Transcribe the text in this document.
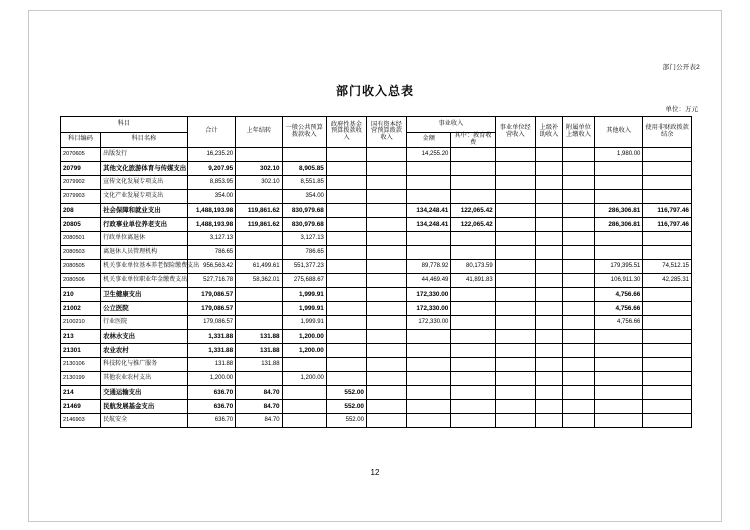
部门公开表2
部门收入总表
单位：万元
科目		合计	上年结转	一般公共预算拨款收入	政府性基金预算拨款收入	国有资本经营预算拨款收入	事业收入		事业单位经营收入	上级补助收入	附属单位上缴收入	其他收入	使用非财政拨款结余
科目编码	科目名称						金额	其中：教育收费					
2070605	出版发行	16,235.20					14,255.20					1,980.00	
20799	其他文化旅游体育与传媒支出	9,207.95	302.10	8,905.85									
2079902	宣传文化发展专项支出	8,853.95	302.10	8,551.85									
2079903	文化产业发展专项支出	354.00		354.00									
208	社会保障和就业支出	1,488,193.98	119,861.62	830,979.68			134,248.41	122,065.42				286,306.81	116,797.46
20805	行政事业单位养老支出	1,488,193.98	119,861.62	830,979.68			134,248.41	122,065.42				286,306.81	116,797.46
2080501	行政单位离退休	3,127.13		3,127.13									
2080503	离退休人员管理机构	786.65		786.65									
2080505	机关事业单位基本养老保险缴费支出	956,563.42	61,499.61	551,377.23			89,778.92	80,173.59				179,395.51	74,512.15
2080506	机关事业单位职业年金缴费支出	527,716.78	58,362.01	275,688.67			44,469.49	41,891.83				106,911.30	42,285.31
210	卫生健康支出	179,086.57		1,999.91			172,330.00					4,756.66	
21002	公立医院	179,086.57		1,999.91			172,330.00					4,756.66	
2100210	行业医院	179,086.57		1,999.91			172,330.00					4,756.66	
213	农林水支出	1,331.88	131.88	1,200.00									
21301	农业农村	1,331.88	131.88	1,200.00									
2130106	科技转化与推广服务	131.88	131.88										
2130199	其他农业农村支出	1,200.00		1,200.00									
214	交通运输支出	636.70	84.70		552.00								
21469	民航发展基金支出	636.70	84.70		552.00								
2146903	民航安全	636.70	84.70		552.00								
12
